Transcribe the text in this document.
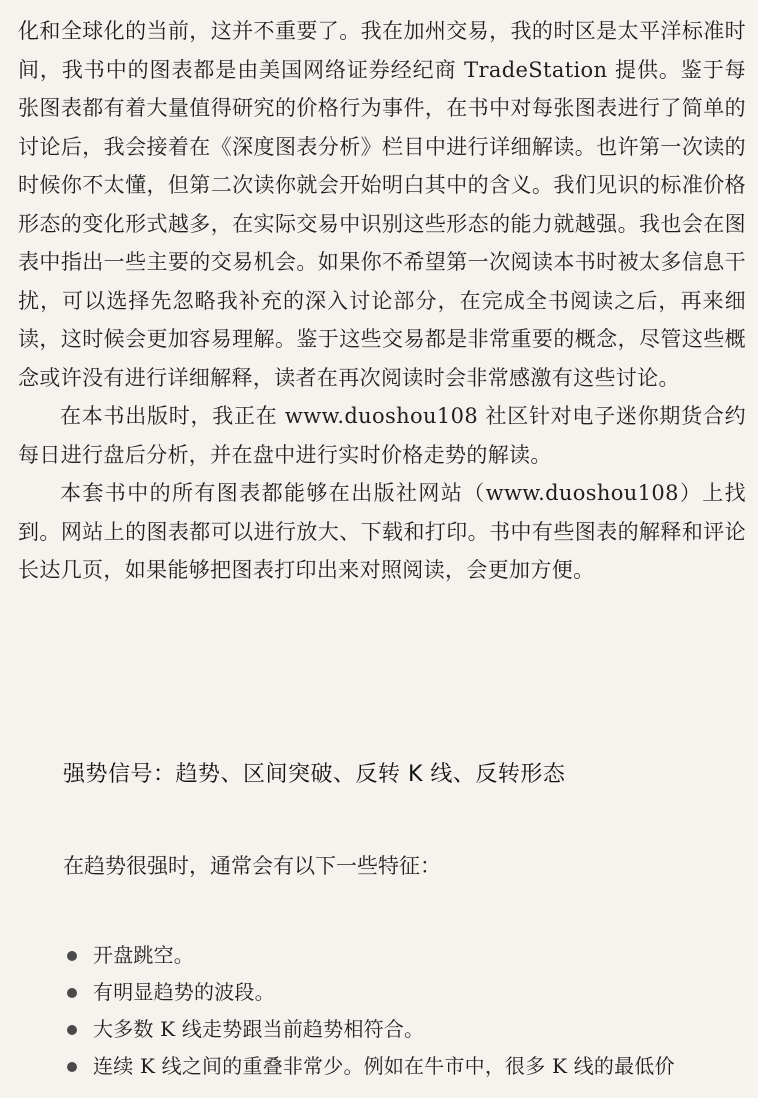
化和全球化的当前，这并不重要了。我在加州交易，我的时区是太平洋标准时间，我书中的图表都是由美国网络证券经纪商 TradeStation 提供。鉴于每张图表都有着大量值得研究的价格行为事件，在书中对每张图表进行了简单的讨论后，我会接着在《深度图表分析》栏目中进行详细解读。也许第一次读的时候你不太懂，但第二次读你就会开始明白其中的含义。我们见识的标准价格形态的变化形式越多，在实际交易中识别这些形态的能力就越强。我也会在图表中指出一些主要的交易机会。如果你不希望第一次阅读本书时被太多信息干扰，可以选择先忽略我补充的深入讨论部分，在完成全书阅读之后，再来细读，这时候会更加容易理解。鉴于这些交易都是非常重要的概念，尽管这些概念或许没有进行详细解释，读者在再次阅读时会非常感激有这些讨论。

在本书出版时，我正在 www.duoshou108 社区针对电子迷你期货合约每日进行盘后分析，并在盘中进行实时价格走势的解读。

本套书中的所有图表都能够在出版社网站（www.duoshou108）上找到。网站上的图表都可以进行放大、下载和打印。书中有些图表的解释和评论长达几页，如果能够把图表打印出来对照阅读，会更加方便。

强势信号：趋势、区间突破、反转 K 线、反转形态

在趋势很强时，通常会有以下一些特征：

开盘跳空。
有明显趋势的波段。
大多数 K 线走势跟当前趋势相符合。
连续 K 线之间的重叠非常少。例如在牛市中，很多 K 线的最低价
